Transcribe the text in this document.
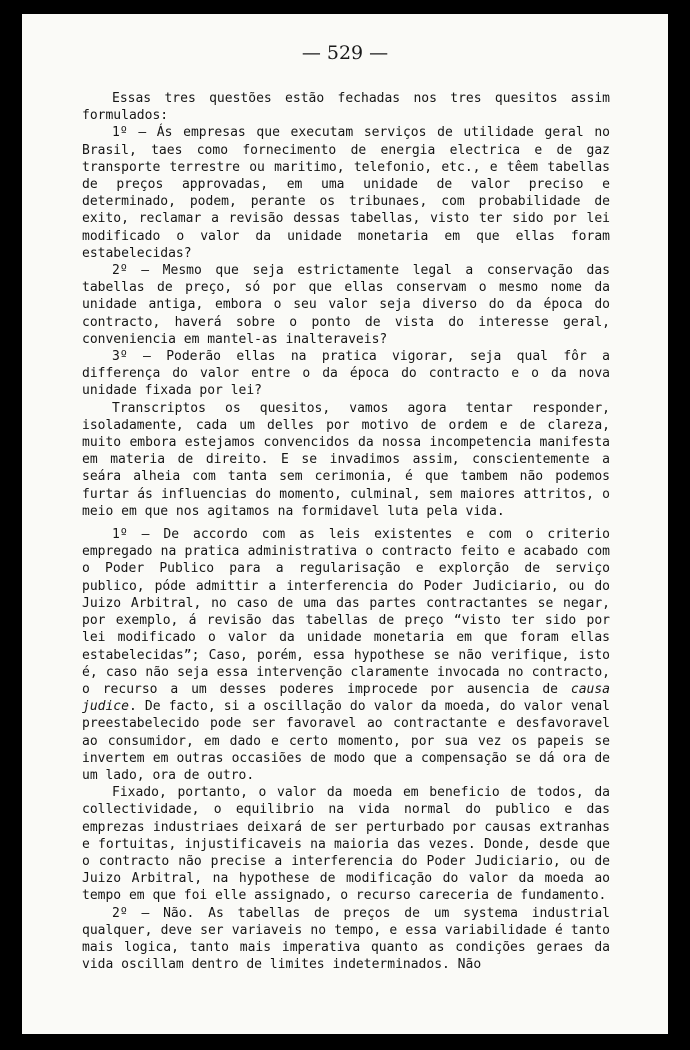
— 529 —

Essas tres questões estão fechadas nos tres quesitos assim formulados:

1º — Ás empresas que executam serviços de utilidade geral no Brasil, taes como fornecimento de energia electrica e de gaz transporte terrestre ou maritimo, telefonio, etc., e têem tabellas de preços approvadas, em uma unidade de valor preciso e determinado, podem, perante os tribunaes, com probabilidade de exito, reclamar a revisão dessas tabellas, visto ter sido por lei modificado o valor da unidade monetaria em que ellas foram estabelecidas?

2º — Mesmo que seja estrictamente legal a conservação das tabellas de preço, só por que ellas conservam o mesmo nome da unidade antiga, embora o seu valor seja diverso do da época do contracto, haverá sobre o ponto de vista do interesse geral, conveniencia em mantel-as inalteraveis?

3º — Poderão ellas na pratica vigorar, seja qual fôr a differença do valor entre o da época do contracto e o da nova unidade fixada por lei?

Transcriptos os quesitos, vamos agora tentar responder, isoladamente, cada um delles por motivo de ordem e de clareza, muito embora estejamos convencidos da nossa incompetencia manifesta em materia de direito. E se invadimos assim, conscientemente a seára alheia com tanta sem cerimonia, é que tambem não podemos furtar ás influencias do momento, culminal, sem maiores attritos, o meio em que nos agitamos na formidavel luta pela vida.

1º — De accordo com as leis existentes e com o criterio empregado na pratica administrativa o contracto feito e acabado com o Poder Publico para a regularisação e explorção de serviço publico, póde admittir a interferencia do Poder Judiciario, ou do Juizo Arbitral, no caso de uma das partes contractantes se negar, por exemplo, á revisão das tabellas de preço “visto ter sido por lei modificado o valor da unidade monetaria em que foram ellas estabelecidas”; Caso, porém, essa hypothese se não verifique, isto é, caso não seja essa intervenção claramente invocada no contracto, o recurso a um desses poderes improcede por ausencia de causa judice. De facto, si a oscillação do valor da moeda, do valor venal preestabelecido pode ser favoravel ao contractante e desfavoravel ao consumidor, em dado e certo momento, por sua vez os papeis se invertem em outras occasiões de modo que a compensação se dá ora de um lado, ora de outro.

Fixado, portanto, o valor da moeda em beneficio de todos, da collectividade, o equilibrio na vida normal do publico e das emprezas industriaes deixará de ser perturbado por causas extranhas e fortuitas, injustificaveis na maioria das vezes. Donde, desde que o contracto não precise a interferencia do Poder Judiciario, ou de Juizo Arbitral, na hypothese de modificação do valor da moeda ao tempo em que foi elle assignado, o recurso careceria de fundamento.

2º — Não. As tabellas de preços de um systema industrial qualquer, deve ser variaveis no tempo, e essa variabilidade é tanto mais logica, tanto mais imperativa quanto as condições geraes da vida oscillam dentro de limites indeterminados. Não
